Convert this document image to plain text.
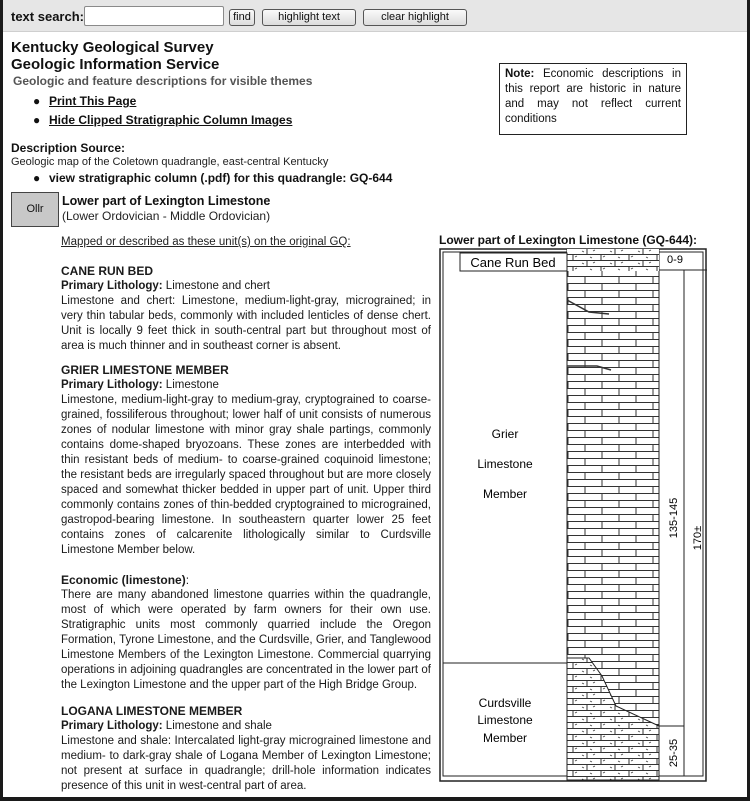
text search:	find	highlight text	clear highlight
Kentucky Geological Survey
Geologic Information Service
Geologic and feature descriptions for visible themes
● Print This Page
● Hide Clipped Stratigraphic Column Images
Note: Economic descriptions in this report are historic in nature and may not reflect current conditions
Description Source:
Geologic map of the Coletown quadrangle, east-central Kentucky
● view stratigraphic column (.pdf) for this quadrangle: GQ-644
Ollr
Lower part of Lexington Limestone
(Lower Ordovician - Middle Ordovician)
Mapped or described as these unit(s) on the original GQ:
CANE RUN BED
Primary Lithology: Limestone and chert

Limestone and chert: Limestone, medium-light-gray, micrograined; in very thin tabular beds, commonly with included lenticles of dense chert. Unit is locally 9 feet thick in south-central part but throughout most of area is much thinner and in southeast corner is absent.

GRIER LIMESTONE MEMBER
Primary Lithology: Limestone

Limestone, medium-light-gray to medium-gray, cryptograined to coarse-grained, fossiliferous throughout; lower half of unit consists of numerous zones of nodular limestone with minor gray shale partings, commonly contains dome-shaped bryozoans. These zones are interbedded with thin resistant beds of medium- to coarse-grained coquinoid limestone; the resistant beds are irregularly spaced throughout but are more closely spaced and somewhat thicker bedded in upper part of unit. Upper third commonly contains zones of thin-bedded cryptograined to micrograined, gastropod-bearing limestone. In southeastern quarter lower 25 feet contains zones of calcarenite lithologically similar to Curdsville Limestone Member below.

Economic (limestone):

There are many abandoned limestone quarries within the quadrangle, most of which were operated by farm owners for their own use. Stratigraphic units most commonly quarried include the Oregon Formation, Tyrone Limestone, and the Curdsville, Grier, and Tanglewood Limestone Members of the Lexington Limestone. Commercial quarrying operations in adjoining quadrangles are concentrated in the lower part of the Lexington Limestone and the upper part of the High Bridge Group.

LOGANA LIMESTONE MEMBER
Primary Lithology: Limestone and shale

Limestone and shale: Intercalated light-gray micrograined limestone and medium- to dark-gray shale of Logana Member of Lexington Limestone; not present at surface in quadrangle; drill-hole information indicates presence of this unit in west-central part of area.

Lower part of Lexington Limestone (GQ-644):
Cane Run Bed	0-9
135-145 170±
25-35
Grier
Limestone
Member
Curdsville
Limestone
Member
